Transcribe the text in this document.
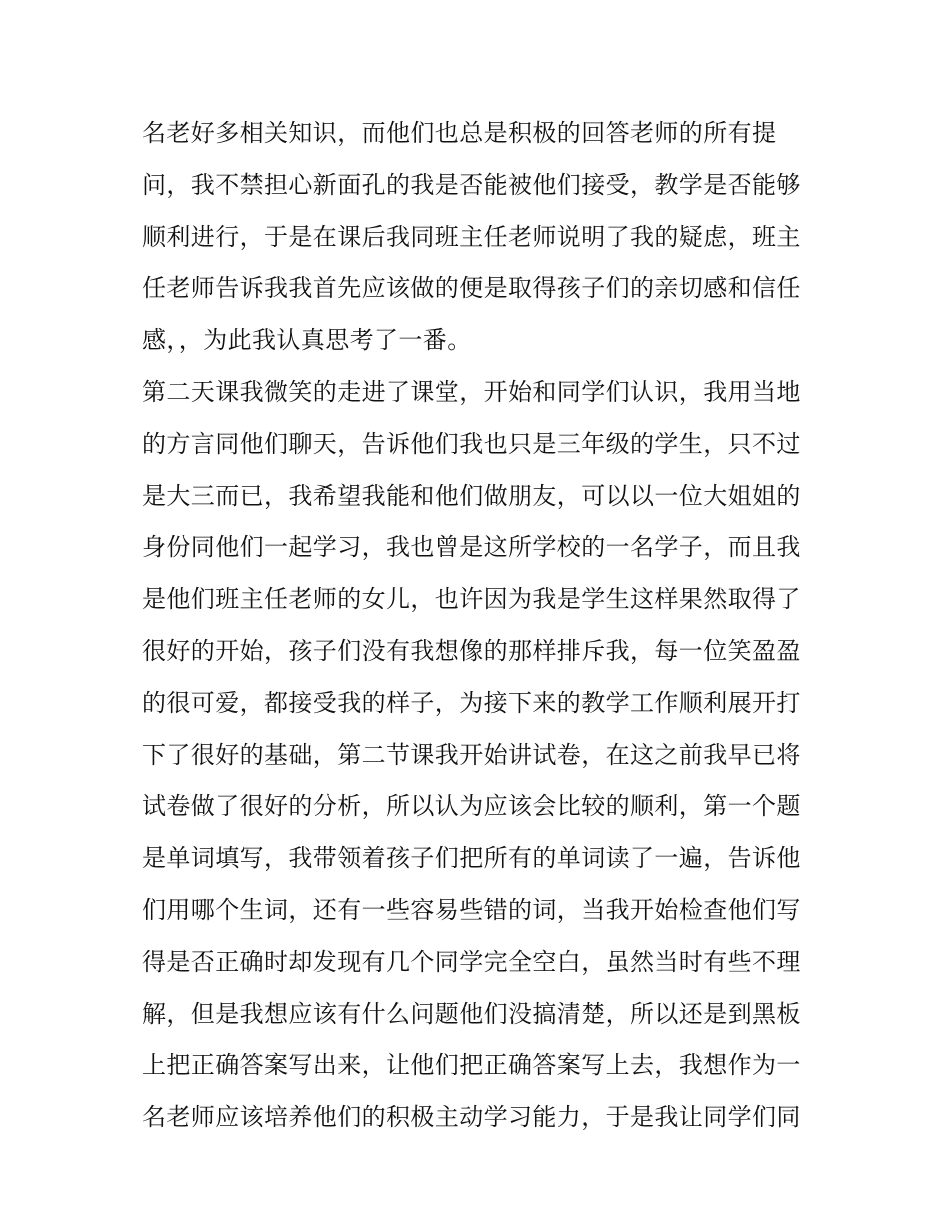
名老好多相关知识，而他们也总是积极的回答老师的所有提
问，我不禁担心新面孔的我是否能被他们接受，教学是否能够
顺利进行，于是在课后我同班主任老师说明了我的疑虑，班主
任老师告诉我我首先应该做的便是取得孩子们的亲切感和信任
感，，为此我认真思考了一番。
第二天课我微笑的走进了课堂，开始和同学们认识，我用当地
的方言同他们聊天，告诉他们我也只是三年级的学生，只不过
是大三而已，我希望我能和他们做朋友，可以以一位大姐姐的
身份同他们一起学习，我也曾是这所学校的一名学子，而且我
是他们班主任老师的女儿，也许因为我是学生这样果然取得了
很好的开始，孩子们没有我想像的那样排斥我，每一位笑盈盈
的很可爱，都接受我的样子，为接下来的教学工作顺利展开打
下了很好的基础，第二节课我开始讲试卷，在这之前我早已将
试卷做了很好的分析，所以认为应该会比较的顺利，第一个题
是单词填写，我带领着孩子们把所有的单词读了一遍，告诉他
们用哪个生词，还有一些容易些错的词，当我开始检查他们写
得是否正确时却发现有几个同学完全空白，虽然当时有些不理
解，但是我想应该有什么问题他们没搞清楚，所以还是到黑板
上把正确答案写出来，让他们把正确答案写上去，我想作为一
名老师应该培养他们的积极主动学习能力，于是我让同学们同
